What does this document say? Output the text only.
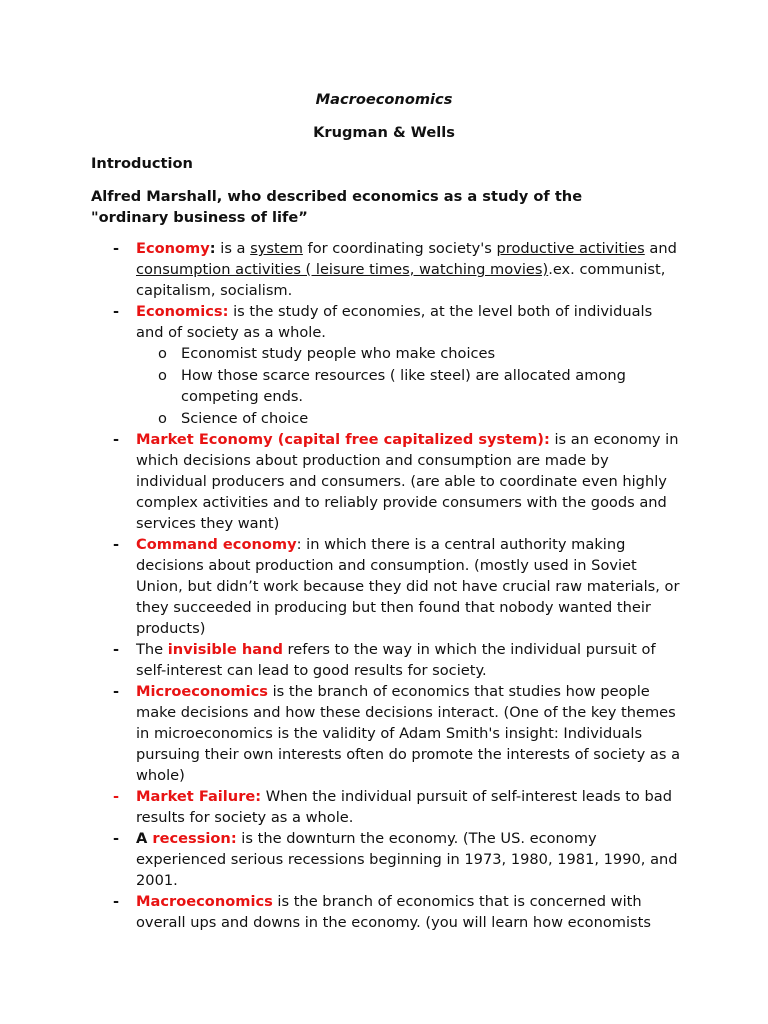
Macroeconomics
Krugman & Wells
Introduction
Alfred Marshall, who described economics as a study of the "ordinary business of life”
- Economy: is a system for coordinating society's productive activities and consumption activities ( leisure times, watching movies).ex. communist, capitalism, socialism.
- Economics: is the study of economies, at the level both of individuals and of society as a whole.
o Economist study people who make choices
o How those scarce resources ( like steel) are allocated among competing ends.
o Science of choice
- Market Economy (capital free capitalized system): is an economy in which decisions about production and consumption are made by individual producers and consumers. (are able to coordinate even highly complex activities and to reliably provide consumers with the goods and services they want)
- Command economy: in which there is a central authority making decisions about production and consumption. (mostly used in Soviet Union, but didn’t work because they did not have crucial raw materials, or they succeeded in producing but then found that nobody wanted their products)
- The invisible hand refers to the way in which the individual pursuit of self-interest can lead to good results for society.
- Microeconomics is the branch of economics that studies how people make decisions and how these decisions interact. (One of the key themes in microeconomics is the validity of Adam Smith's insight: Individuals pursuing their own interests often do promote the interests of society as a whole)
- Market Failure: When the individual pursuit of self-interest leads to bad results for society as a whole.
- A recession: is the downturn the economy. (The US. economy experienced serious recessions beginning in 1973, 1980, 1981, 1990, and 2001.
- Macroeconomics is the branch of economics that is concerned with overall ups and downs in the economy. (you will learn how economists
